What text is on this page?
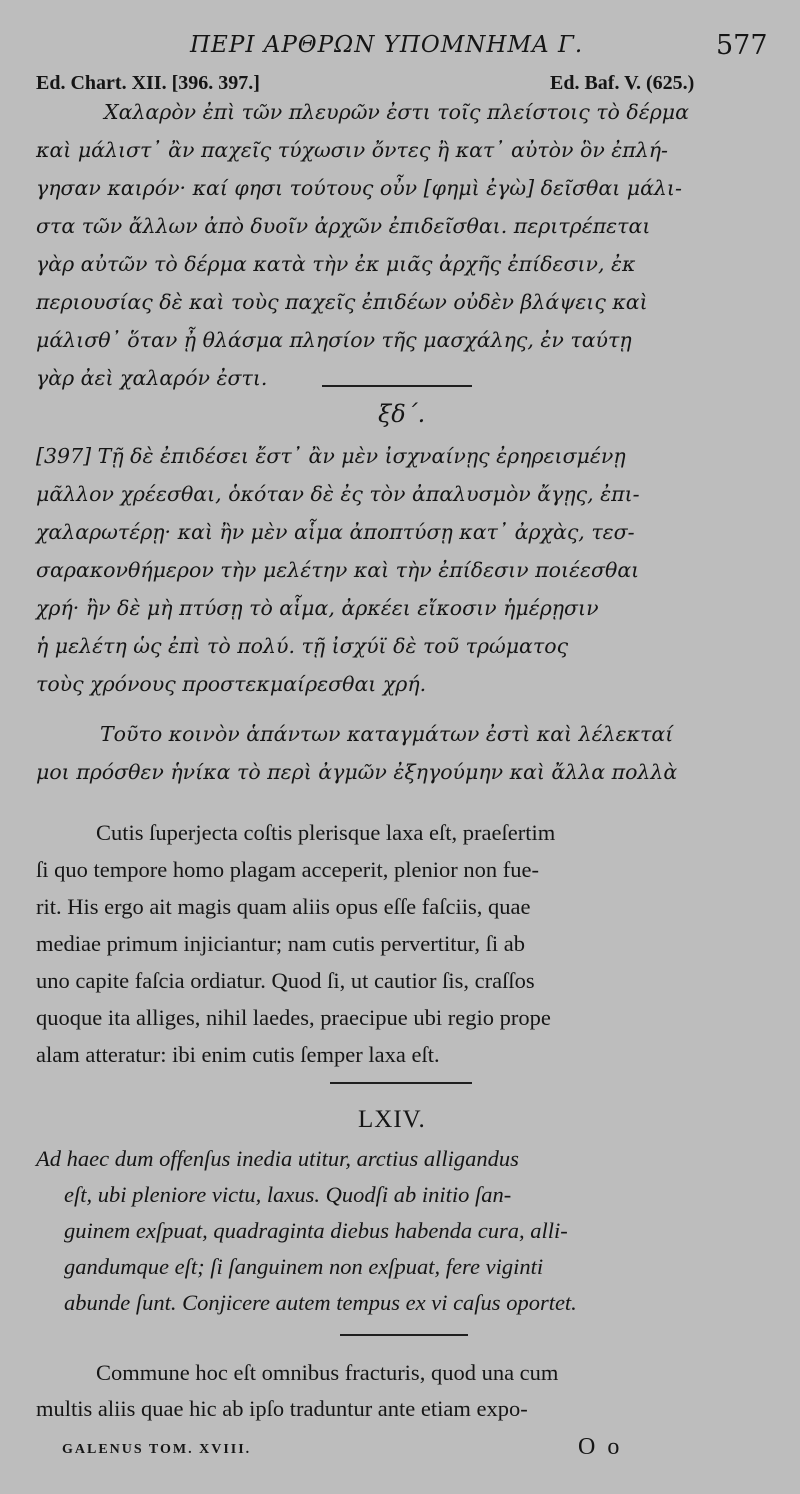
ΠΕΡΙ ΑΡΘΡΩΝ ΥΠΟΜΝΗΜΑ Γ.	577
Ed. Chart. XII. [396. 397.]	Ed. Baf. V. (625.)
Χαλαρὸν ἐπὶ τῶν πλευρῶν ἐστι τοῖς πλείστοις τὸ δέρμα
καὶ μάλιστ᾽ ἂν παχεῖς τύχωσιν ὄντες ἢ κατ᾽ αὐτὸν ὃν ἐπλή-
γησαν καιρόν· καί φησι τούτους οὖν [φημὶ ἐγὼ] δεῖσθαι μάλι-
στα τῶν ἄλλων ἀπὸ δυοῖν ἀρχῶν ἐπιδεῖσθαι. περιτρέπεται
γὰρ αὐτῶν τὸ δέρμα κατὰ τὴν ἐκ μιᾶς ἀρχῆς ἐπίδεσιν, ἐκ
περιουσίας δὲ καὶ τοὺς παχεῖς ἐπιδέων οὐδὲν βλάψεις καὶ
μάλισθ᾽ ὅταν ᾖ θλάσμα πλησίον τῆς μασχάλης, ἐν ταύτῃ
γὰρ ἀεὶ χαλαρόν ἐστι.
ξδ΄.
[397] Τῇ δὲ ἐπιδέσει ἔστ᾽ ἂν μὲν ἰσχναίνῃς ἐρηρεισμένῃ
μᾶλλον χρέεσθαι, ὁκόταν δὲ ἐς τὸν ἀπαλυσμὸν ἄγῃς, ἐπι-
χαλαρωτέρῃ· καὶ ἢν μὲν αἷμα ἀποπτύσῃ κατ᾽ ἀρχὰς, τεσ-
σαρακονθήμερον τὴν μελέτην καὶ τὴν ἐπίδεσιν ποιέεσθαι
χρή· ἢν δὲ μὴ πτύσῃ τὸ αἷμα, ἀρκέει εἴκοσιν ἡμέρῃσιν
ἡ μελέτη ὡς ἐπὶ τὸ πολύ. τῇ ἰσχύϊ δὲ τοῦ τρώματος
τοὺς χρόνους προστεκμαίρεσθαι χρή.
Τοῦτο κοινὸν ἁπάντων καταγμάτων ἐστὶ καὶ λέλεκταί
μοι πρόσθεν ἡνίκα τὸ περὶ ἀγμῶν ἐξηγούμην καὶ ἄλλα πολλὰ
Cutis ſuperjecta coſtis plerisque laxa eſt, praeſertim
ſi quo tempore homo plagam acceperit, plenior non fue-
rit. His ergo ait magis quam aliis opus eſſe faſciis, quae
mediae primum injiciantur; nam cutis pervertitur, ſi ab
uno capite faſcia ordiatur. Quod ſi, ut cautior ſis, craſſos
quoque ita alliges, nihil laedes, praecipue ubi regio prope
alam atteratur: ibi enim cutis ſemper laxa eſt.
LXIV.
Ad haec dum offenſus inedia utitur, arctius alligandus
eſt, ubi pleniore victu, laxus. Quodſi ab initio ſan-
guinem exſpuat, quadraginta diebus habenda cura, alli-
gandumque eſt; ſi ſanguinem non exſpuat, fere viginti
abunde ſunt. Conjicere autem tempus ex vi caſus oportet.
Commune hoc eſt omnibus fracturis, quod una cum
multis aliis quae hic ab ipſo traduntur ante etiam expo-
GALENUS TOM. XVIII.	O o
